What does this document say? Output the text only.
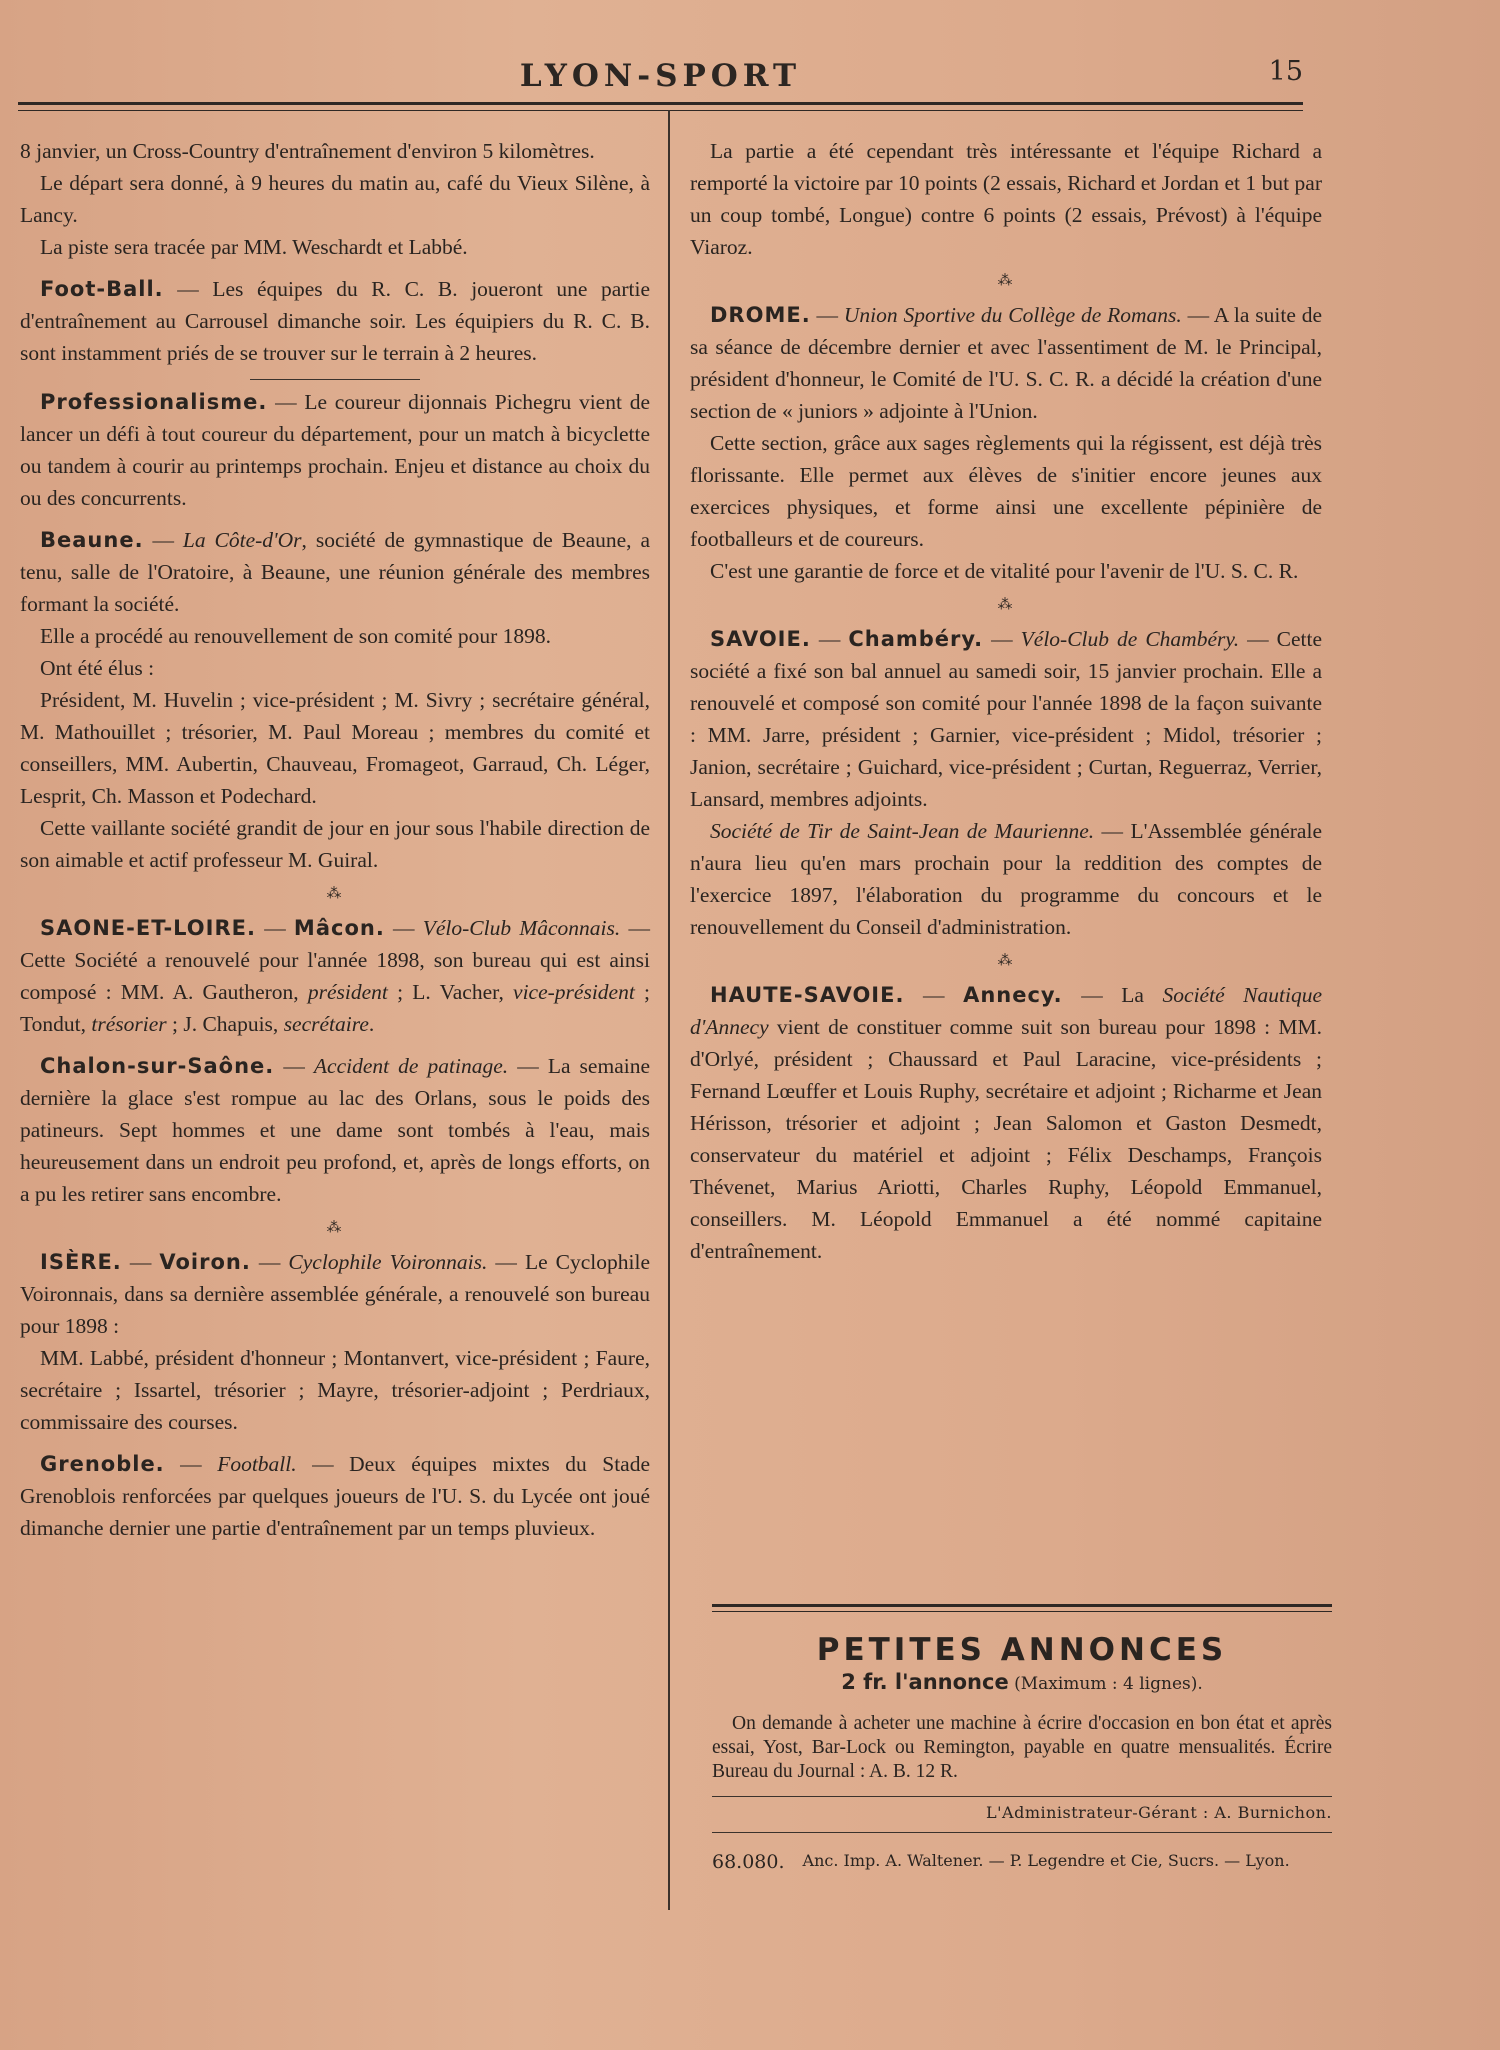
LYON-SPORT	15

8 janvier, un Cross-Country d'entraînement d'environ 5 kilomètres.

Le départ sera donné, à 9 heures du matin au, café du Vieux Silène, à Lancy.

La piste sera tracée par MM. Weschardt et Labbé.

Foot-Ball. — Les équipes du R. C. B. joueront une partie d'entraînement au Carrousel dimanche soir. Les équipiers du R. C. B. sont instamment priés de se trouver sur le terrain à 2 heures.

Professionalisme. — Le coureur dijonnais Pichegru vient de lancer un défi à tout coureur du département, pour un match à bicyclette ou tandem à courir au printemps prochain. Enjeu et distance au choix du ou des concurrents.

Beaune. — La Côte-d'Or, société de gymnastique de Beaune, a tenu, salle de l'Oratoire, à Beaune, une réunion générale des membres formant la société.

Elle a procédé au renouvellement de son comité pour 1898.

Ont été élus :

Président, M. Huvelin ; vice-président ; M. Sivry ; secrétaire général, M. Mathouillet ; trésorier, M. Paul Moreau ; membres du comité et conseillers, MM. Aubertin, Chauveau, Fromageot, Garraud, Ch. Léger, Lesprit, Ch. Masson et Podechard.

Cette vaillante société grandit de jour en jour sous l'habile direction de son aimable et actif professeur M. Guiral.

⁂

SAONE-ET-LOIRE. — Mâcon. — Vélo-Club Mâconnais. — Cette Société a renouvelé pour l'année 1898, son bureau qui est ainsi composé : MM. A. Gautheron, président ; L. Vacher, vice-président ; Tondut, trésorier ; J. Chapuis, secrétaire.

Chalon-sur-Saône. — Accident de patinage. — La semaine dernière la glace s'est rompue au lac des Orlans, sous le poids des patineurs. Sept hommes et une dame sont tombés à l'eau, mais heureusement dans un endroit peu profond, et, après de longs efforts, on a pu les retirer sans encombre.

⁂

ISÈRE. — Voiron. — Cyclophile Voironnais. — Le Cyclophile Voironnais, dans sa dernière assemblée générale, a renouvelé son bureau pour 1898 :

MM. Labbé, président d'honneur ; Montanvert, vice-président ; Faure, secrétaire ; Issartel, trésorier ; Mayre, trésorier-adjoint ; Perdriaux, commissaire des courses.

Grenoble. — Football. — Deux équipes mixtes du Stade Grenoblois renforcées par quelques joueurs de l'U. S. du Lycée ont joué dimanche dernier une partie d'entraînement par un temps pluvieux.

La partie a été cependant très intéressante et l'équipe Richard a remporté la victoire par 10 points (2 essais, Richard et Jordan et 1 but par un coup tombé, Longue) contre 6 points (2 essais, Prévost) à l'équipe Viaroz.

⁂

DROME. — Union Sportive du Collège de Romans. — A la suite de sa séance de décembre dernier et avec l'assentiment de M. le Principal, président d'honneur, le Comité de l'U. S. C. R. a décidé la création d'une section de « juniors » adjointe à l'Union.

Cette section, grâce aux sages règlements qui la régissent, est déjà très florissante. Elle permet aux élèves de s'initier encore jeunes aux exercices physiques, et forme ainsi une excellente pépinière de footballeurs et de coureurs.

C'est une garantie de force et de vitalité pour l'avenir de l'U. S. C. R.

⁂

SAVOIE. — Chambéry. — Vélo-Club de Chambéry. — Cette société a fixé son bal annuel au samedi soir, 15 janvier prochain. Elle a renouvelé et composé son comité pour l'année 1898 de la façon suivante : MM. Jarre, président ; Garnier, vice-président ; Midol, trésorier ; Janion, secrétaire ; Guichard, vice-président ; Curtan, Reguerraz, Verrier, Lansard, membres adjoints.

Société de Tir de Saint-Jean de Maurienne. — L'Assemblée générale n'aura lieu qu'en mars prochain pour la reddition des comptes de l'exercice 1897, l'élaboration du programme du concours et le renouvellement du Conseil d'administration.

⁂

HAUTE-SAVOIE. — Annecy. — La Société Nautique d'Annecy vient de constituer comme suit son bureau pour 1898 : MM. d'Orlyé, président ; Chaussard et Paul Laracine, vice-présidents ; Fernand Lœuffer et Louis Ruphy, secrétaire et adjoint ; Richarme et Jean Hérisson, trésorier et adjoint ; Jean Salomon et Gaston Desmedt, conservateur du matériel et adjoint ; Félix Deschamps, François Thévenet, Marius Ariotti, Charles Ruphy, Léopold Emmanuel, conseillers. M. Léopold Emmanuel a été nommé capitaine d'entraînement.

PETITES ANNONCES
2 fr. l'annonce (Maximum : 4 lignes).

On demande à acheter une machine à écrire d'occasion en bon état et après essai, Yost, Bar-Lock ou Remington, payable en quatre mensualités. Écrire Bureau du Journal : A. B. 12 R.

L'Administrateur-Gérant : A. Burnichon.
68.080. Anc. Imp. A. Waltener. — P. Legendre et Cie, Sucrs. — Lyon.
